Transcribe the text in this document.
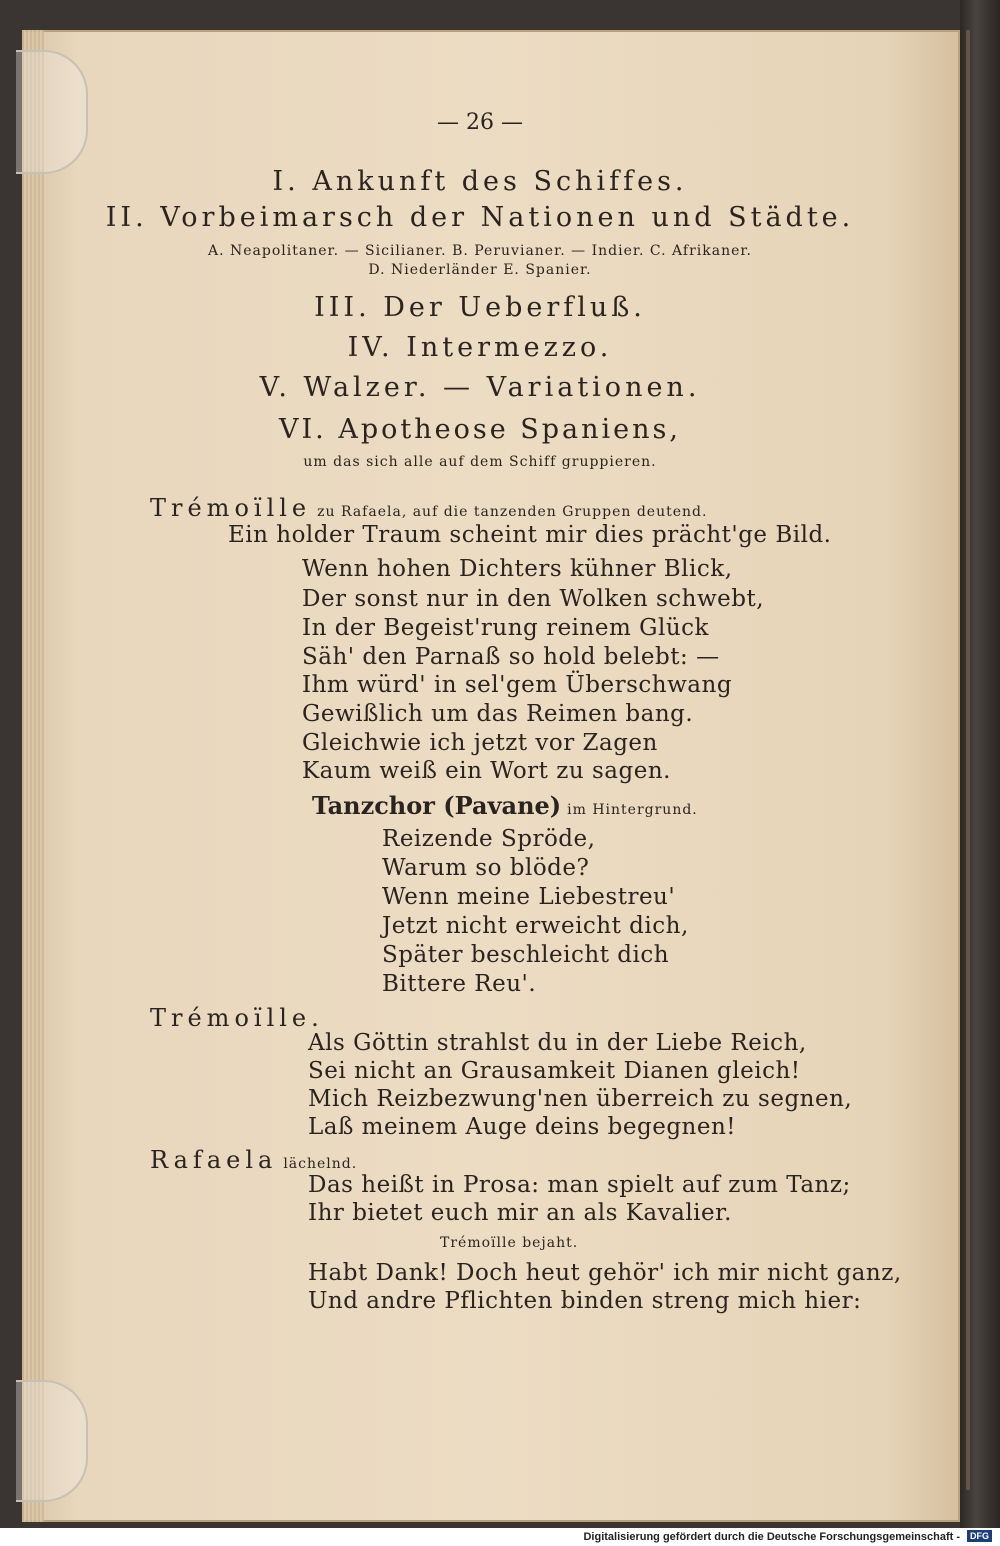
— 26 —
I. Ankunft des Schiffes.
II. Vorbeimarsch der Nationen und Städte.
A. Neapolitaner. — Sicilianer. B. Peruvianer. — Indier. C. Afrikaner.
D. Niederländer E. Spanier.
III. Der Ueberfluß.
IV. Intermezzo.
V. Walzer. — Variationen.
VI. Apotheose Spaniens,
um das sich alle auf dem Schiff gruppieren.
Trémoïlle zu Rafaela, auf die tanzenden Gruppen deutend.
Ein holder Traum scheint mir dies prächt'ge Bild.
Wenn hohen Dichters kühner Blick,
Der sonst nur in den Wolken schwebt,
In der Begeist'rung reinem Glück
Säh' den Parnaß so hold belebt: —
Ihm würd' in sel'gem Überschwang
Gewißlich um das Reimen bang.
Gleichwie ich jetzt vor Zagen
Kaum weiß ein Wort zu sagen.
Tanzchor (Pavane) im Hintergrund.
Reizende Spröde,
Warum so blöde?
Wenn meine Liebestreu'
Jetzt nicht erweicht dich,
Später beschleicht dich
Bittere Reu'.
Trémoïlle.
Als Göttin strahlst du in der Liebe Reich,
Sei nicht an Grausamkeit Dianen gleich!
Mich Reizbezwung'nen überreich zu segnen,
Laß meinem Auge deins begegnen!
Rafaela lächelnd.
Das heißt in Prosa: man spielt auf zum Tanz;
Ihr bietet euch mir an als Kavalier.
Trémoïlle bejaht.
Habt Dank! Doch heut gehör' ich mir nicht ganz,
Und andre Pflichten binden streng mich hier:
Digitalisierung gefördert durch die Deutsche Forschungsgemeinschaft -	DFG
